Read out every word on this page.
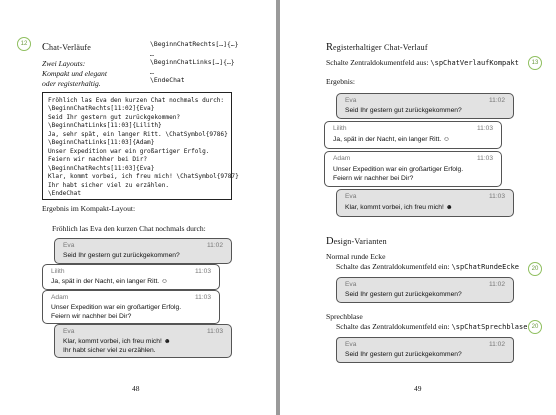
12	Chat-Verläufe	\BeginnChatRechts[…]{…}
…
\BeginnChatLinks[…]{…}
…
\EndeChat
Zwei Layouts:
Kompakt und elegant
oder registerhaltig.
Fröhlich las Eva den kurzen Chat nochmals durch:
\BeginnChatRechts[11:02]{Eva}
Seid Ihr gestern gut zurückgekommen?
\BeginnChatLinks[11:03]{Lilith}
Ja, sehr spät, ein langer Ritt. \ChatSymbol{9786}
\BeginnChatLinks[11:03]{Adam}
Unser Expedition war ein großartiger Erfolg.
Feiern wir nachher bei Dir?
\BeginnChatRechts[11:03]{Eva}
Klar, kommt vorbei, ich freu mich! \ChatSymbol{9787}
Ihr habt sicher viel zu erzählen.
\EndeChat
Ergebnis im Kompakt-Layout:
Fröhlich las Eva den kurzen Chat nochmals durch:
Eva	11:02
Seid Ihr gestern gut zurückgekommen?
Lilith	11:03
Ja, spät in der Nacht, ein langer Ritt. ☺
Adam	11:03
Unser Expedition war ein großartiger Erfolg.
Feiern wir nachher bei Dir?
Eva	11:03
Klar, kommt vorbei, ich freu mich! ☻
Ihr habt sicher viel zu erzählen.
48
Registerhaltiger Chat-Verlauf
Schalte Zentraldokumentfeld aus: \spChatVerlaufKompakt	13
Ergebnis:
Eva	11:02
Seid Ihr gestern gut zurückgekommen?
Lilith	11:03
Ja, spät in der Nacht, ein langer Ritt. ☺
Adam	11:03
Unser Expedition war ein großartiger Erfolg.
Feiern wir nachher bei Dir?
Eva	11:03
Klar, kommt vorbei, ich freu mich! ☻
Design-Varianten
Normal runde Ecke
Schalte das Zentraldokumentfeld ein: \spChatRundeEcke	20
Eva	11:02
Seid Ihr gestern gut zurückgekommen?
Sprechblase
Schalte das Zentraldokumentfeld ein: \spChatSprechblase 20
Eva	11:02
Seid Ihr gestern gut zurückgekommen?
49
